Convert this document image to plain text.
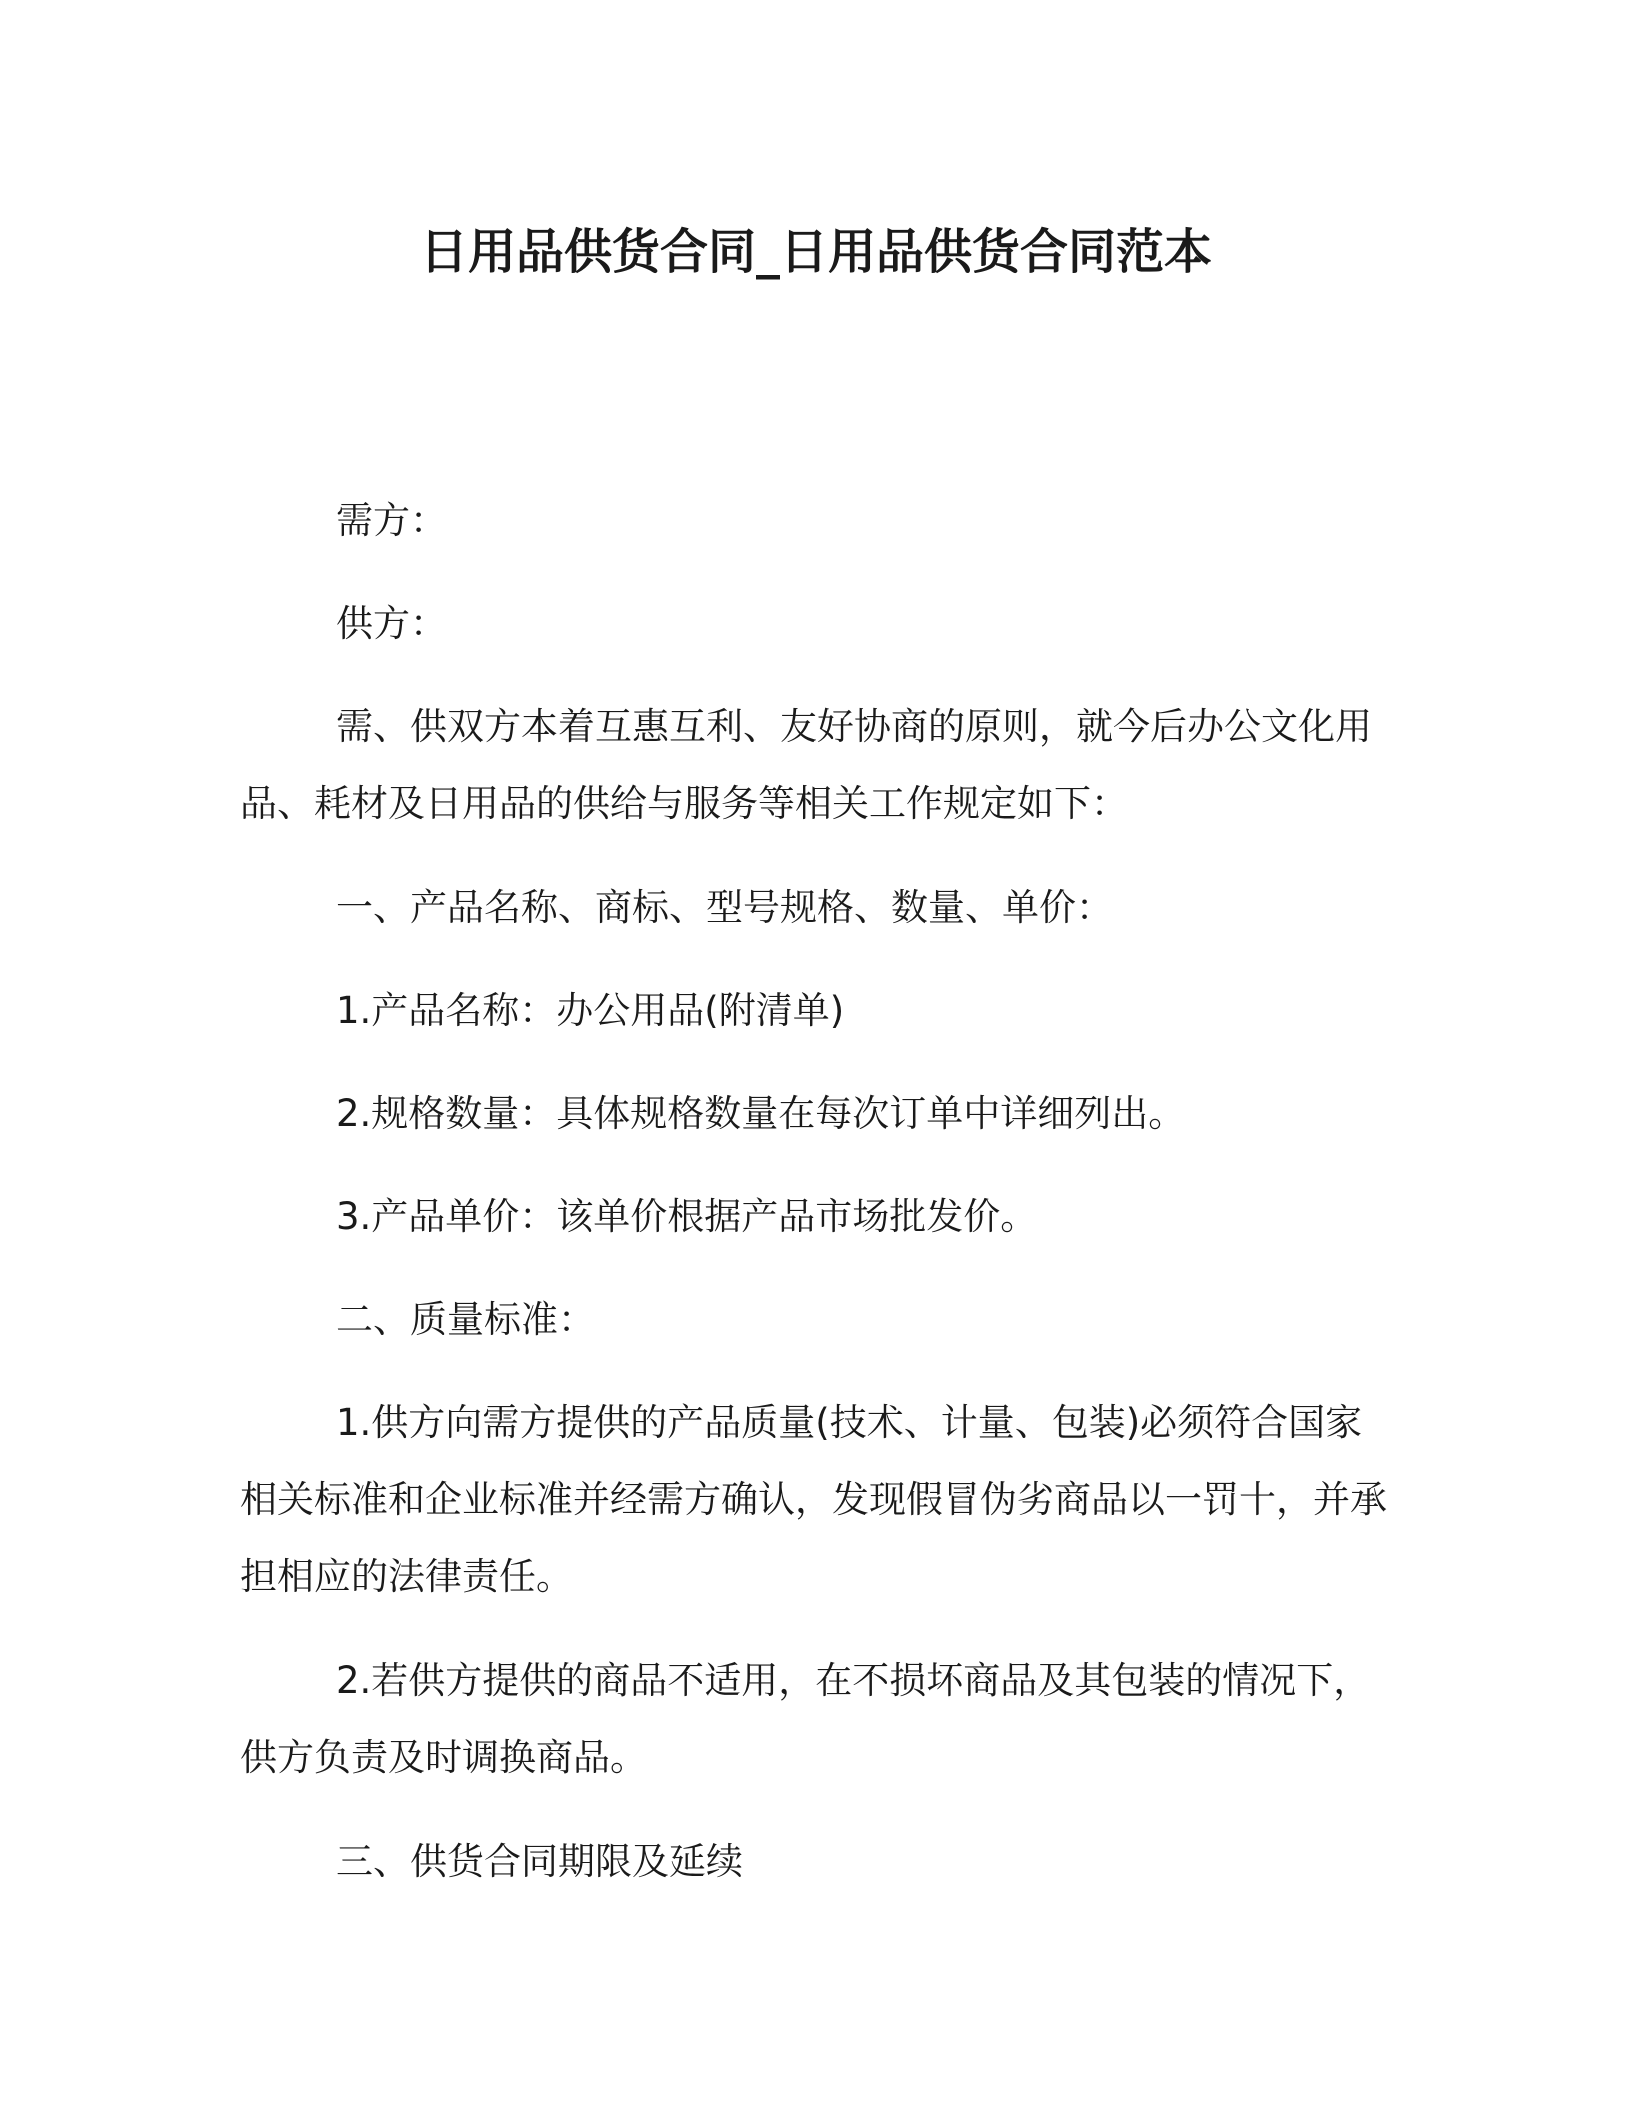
日用品供货合同_日用品供货合同范本
需方：
供方：
需、供双方本着互惠互利、友好协商的原则，就今后办公文化用品、耗材及日用品的供给与服务等相关工作规定如下：
一、产品名称、商标、型号规格、数量、单价：
1.产品名称：办公用品(附清单)
2.规格数量：具体规格数量在每次订单中详细列出。
3.产品单价：该单价根据产品市场批发价。
二、质量标准：
1.供方向需方提供的产品质量(技术、计量、包装)必须符合国家相关标准和企业标准并经需方确认，发现假冒伪劣商品以一罚十，并承担相应的法律责任。
2.若供方提供的商品不适用，在不损坏商品及其包装的情况下，供方负责及时调换商品。
三、供货合同期限及延续
